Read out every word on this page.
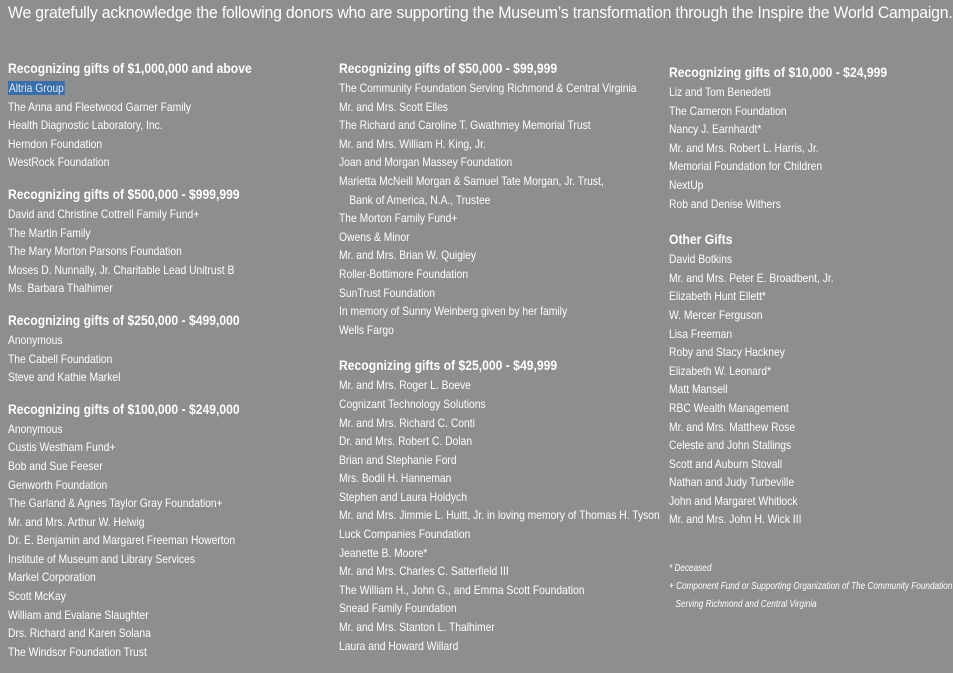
We gratefully acknowledge the following donors who are supporting the Museum’s transformation through the Inspire the World Campaign.
Recognizing gifts of $1,000,000 and above
Altria Group
The Anna and Fleetwood Garner Family
Health Diagnostic Laboratory, Inc.
Herndon Foundation
WestRock Foundation
Recognizing gifts of $500,000 - $999,999
David and Christine Cottrell Family Fund+
The Martin Family
The Mary Morton Parsons Foundation
Moses D. Nunnally, Jr. Charitable Lead Unitrust B
Ms. Barbara Thalhimer
Recognizing gifts of $250,000 - $499,000
Anonymous
The Cabell Foundation
Steve and Kathie Markel
Recognizing gifts of $100,000 - $249,000
Anonymous
Custis Westham Fund+
Bob and Sue Feeser
Genworth Foundation
The Garland & Agnes Taylor Gray Foundation+
Mr. and Mrs. Arthur W. Helwig
Dr. E. Benjamin and Margaret Freeman Howerton
Institute of Museum and Library Services
Markel Corporation
Scott McKay
William and Evalane Slaughter
Drs. Richard and Karen Solana
The Windsor Foundation Trust
Recognizing gifts of $50,000 - $99,999
The Community Foundation Serving Richmond & Central Virginia
Mr. and Mrs. Scott Elles
The Richard and Caroline T. Gwathmey Memorial Trust
Mr. and Mrs. William H. King, Jr.
Joan and Morgan Massey Foundation
Marietta McNeill Morgan & Samuel Tate Morgan, Jr. Trust,
Bank of America, N.A., Trustee
The Morton Family Fund+
Owens & Minor
Mr. and Mrs. Brian W. Quigley
Roller-Bottimore Foundation
SunTrust Foundation
In memory of Sunny Weinberg given by her family
Wells Fargo
Recognizing gifts of $25,000 - $49,999
Mr. and Mrs. Roger L. Boeve
Cognizant Technology Solutions
Mr. and Mrs. Richard C. Conti
Dr. and Mrs. Robert C. Dolan
Brian and Stephanie Ford
Mrs. Bodil H. Hanneman
Stephen and Laura Holdych
Mr. and Mrs. Jimmie L. Huitt, Jr. in loving memory of Thomas H. Tyson
Luck Companies Foundation
Jeanette B. Moore*
Mr. and Mrs. Charles C. Satterfield III
The William H., John G., and Emma Scott Foundation
Snead Family Foundation
Mr. and Mrs. Stanton L. Thalhimer
Laura and Howard Willard
Recognizing gifts of $10,000 - $24,999
Liz and Tom Benedetti
The Cameron Foundation
Nancy J. Earnhardt*
Mr. and Mrs. Robert L. Harris, Jr.
Memorial Foundation for Children
NextUp
Rob and Denise Withers
Other Gifts
David Botkins
Mr. and Mrs. Peter E. Broadbent, Jr.
Elizabeth Hunt Ellett*
W. Mercer Ferguson
Lisa Freeman
Roby and Stacy Hackney
Elizabeth W. Leonard*
Matt Mansell
RBC Wealth Management
Mr. and Mrs. Matthew Rose
Celeste and John Stallings
Scott and Auburn Stovall
Nathan and Judy Turbeville
John and Margaret Whitlock
Mr. and Mrs. John H. Wick III
* Deceased
+ Component Fund or Supporting Organization of The Community Foundation
Serving Richmond and Central Virginia
